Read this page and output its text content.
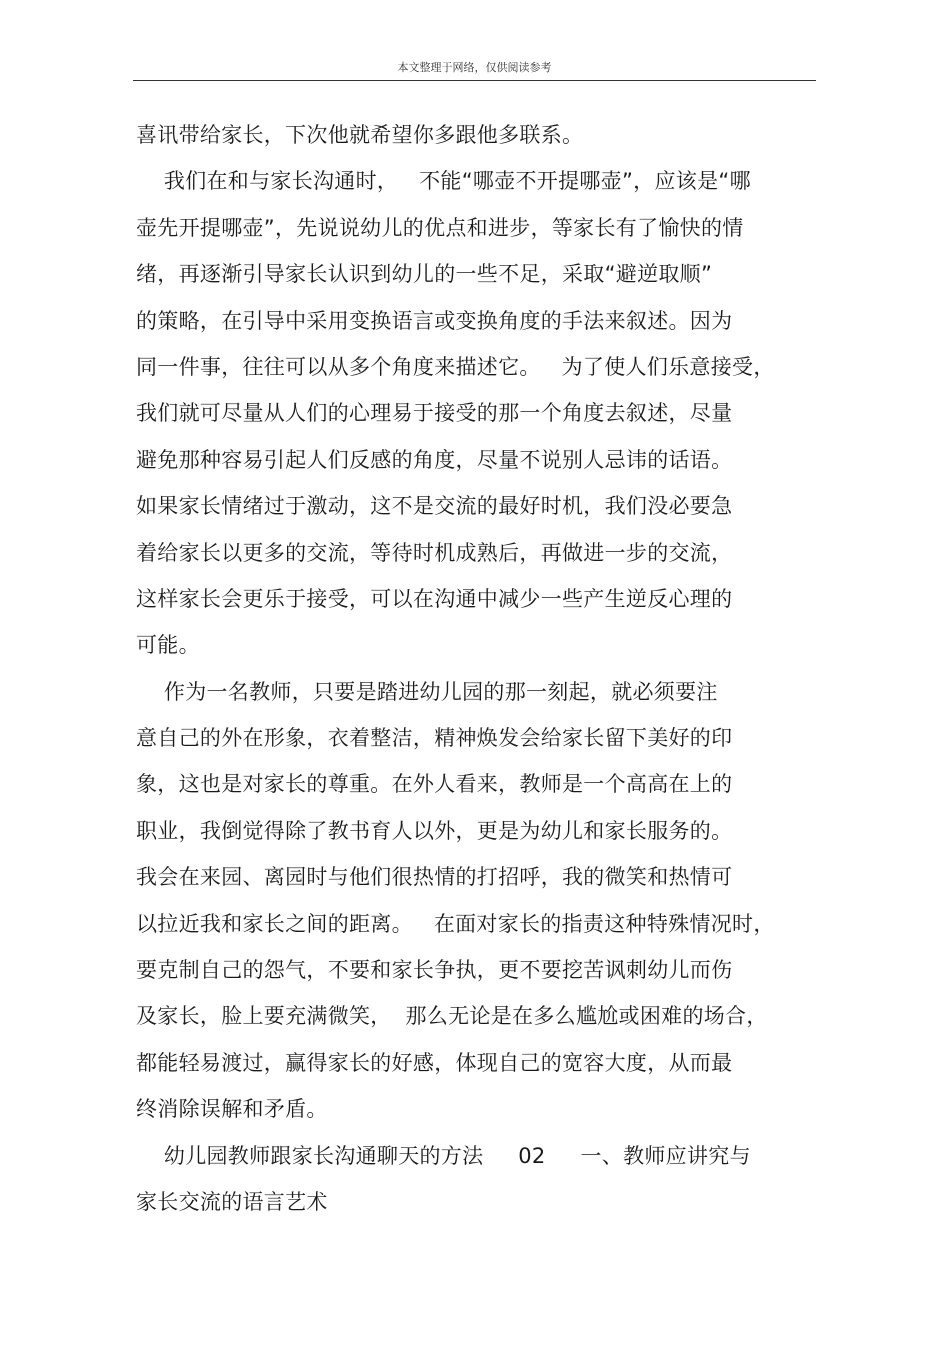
本文整理于网络，仅供阅读参考
喜讯带给家长，下次他就希望你多跟他多联系。
我们在和与家长沟通时，   不能“哪壶不开提哪壶”，应该是“哪
壶先开提哪壶”，先说说幼儿的优点和进步，等家长有了愉快的情
绪，再逐渐引导家长认识到幼儿的一些不足，采取“避逆取顺”
的策略，在引导中采用变换语言或变换角度的手法来叙述。因为
同一件事，往往可以从多个角度来描述它。   为了使人们乐意接受，
我们就可尽量从人们的心理易于接受的那一个角度去叙述，尽量
避免那种容易引起人们反感的角度，尽量不说别人忌讳的话语。
如果家长情绪过于激动，这不是交流的最好时机，我们没必要急
着给家长以更多的交流，等待时机成熟后，再做进一步的交流，
这样家长会更乐于接受，可以在沟通中减少一些产生逆反心理的
可能。
作为一名教师，只要是踏进幼儿园的那一刻起，就必须要注
意自己的外在形象，衣着整洁，精神焕发会给家长留下美好的印
象，这也是对家长的尊重。在外人看来，教师是一个高高在上的
职业，我倒觉得除了教书育人以外，更是为幼儿和家长服务的。
我会在来园、离园时与他们很热情的打招呼，我的微笑和热情可
以拉近我和家长之间的距离。   在面对家长的指责这种特殊情况时，
要克制自己的怨气，不要和家长争执，更不要挖苦讽刺幼儿而伤
及家长，脸上要充满微笑，  那么无论是在多么尴尬或困难的场合，
都能轻易渡过，赢得家长的好感，体现自己的宽容大度，从而最
终消除误解和矛盾。
幼儿园教师跟家长沟通聊天的方法     02     一、教师应讲究与
家长交流的语言艺术
